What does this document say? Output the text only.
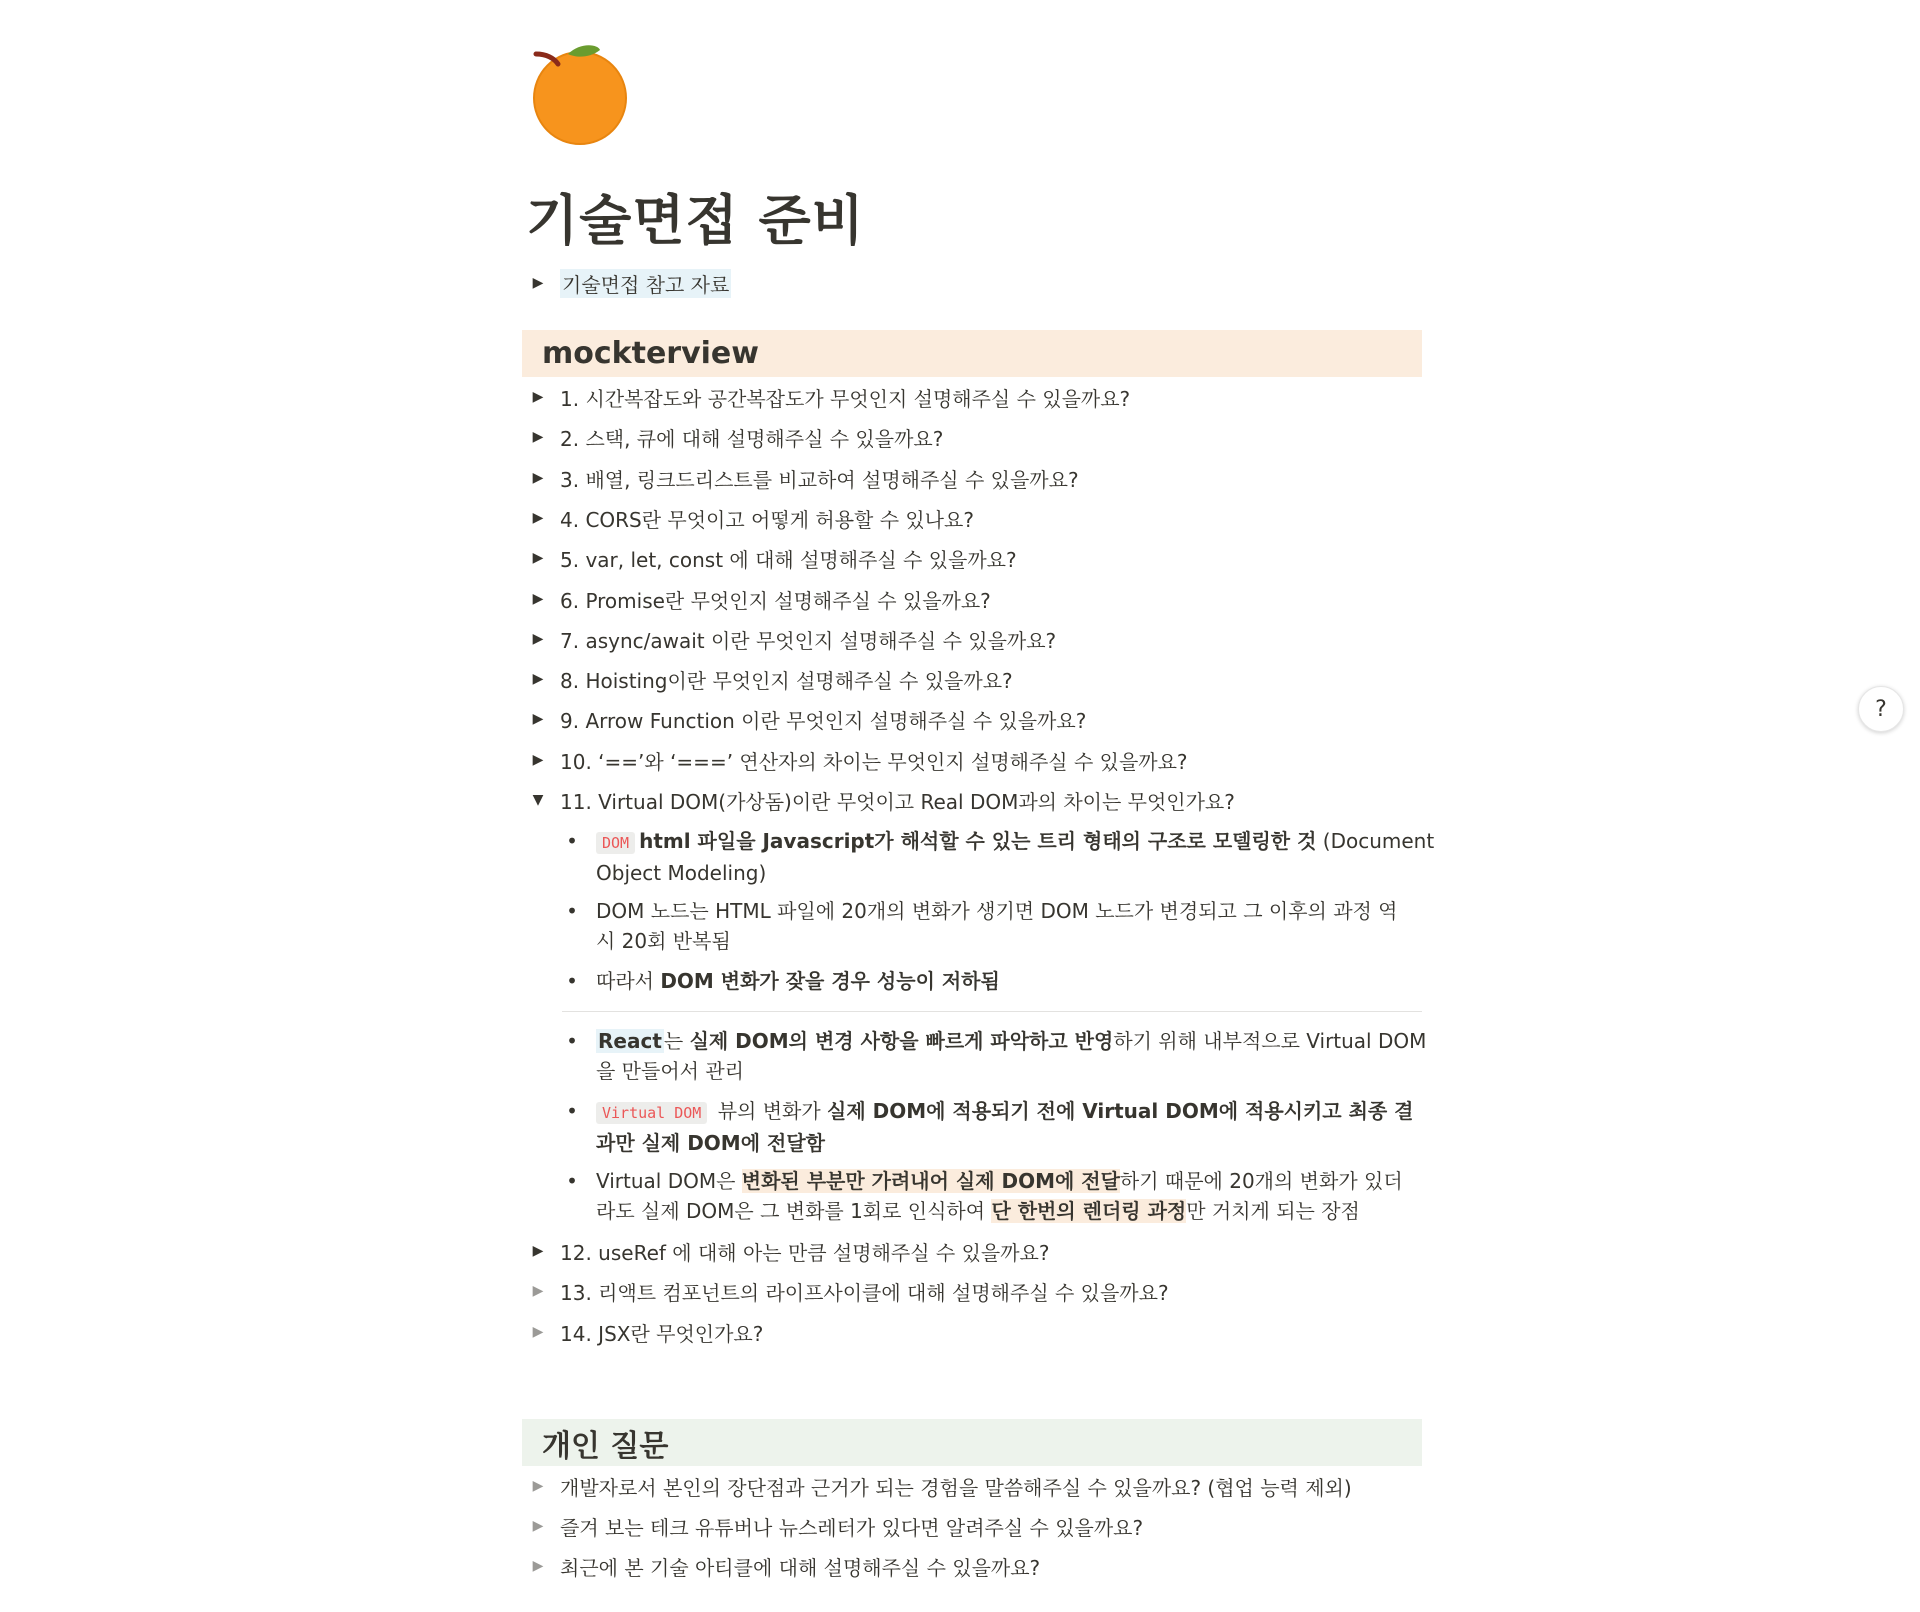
기술면접 준비
▶ 기술면접 참고 자료
mockterview
▶ 1. 시간복잡도와 공간복잡도가 무엇인지 설명해주실 수 있을까요?
▶ 2. 스택, 큐에 대해 설명해주실 수 있을까요?
▶ 3. 배열, 링크드리스트를 비교하여 설명해주실 수 있을까요?
▶ 4. CORS란 무엇이고 어떻게 허용할 수 있나요?
▶ 5. var, let, const 에 대해 설명해주실 수 있을까요?
▶ 6. Promise란 무엇인지 설명해주실 수 있을까요?
▶ 7. async/await 이란 무엇인지 설명해주실 수 있을까요?
▶ 8. Hoisting이란 무엇인지 설명해주실 수 있을까요?
▶ 9. Arrow Function 이란 무엇인지 설명해주실 수 있을까요?
▶ 10. ‘==’와 ‘===’ 연산자의 차이는 무엇인지 설명해주실 수 있을까요?
▼ 11. Virtual DOM(가상돔)이란 무엇이고 Real DOM과의 차이는 무엇인가요?
•	DOM html 파일을 Javascript가 해석할 수 있는 트리 형태의 구조로 모델링한 것 (Document
Object Modeling)
• DOM 노드는 HTML 파일에 20개의 변화가 생기면 DOM 노드가 변경되고 그 이후의 과정 역
시 20회 반복됨
• 따라서 DOM 변화가 잦을 경우 성능이 저하됨
•	React 는 실제 DOM의 변경 사항을 빠르게 파악하고 반영하기 위해 내부적으로 Virtual DOM
을 만들어서 관리
•	Virtual DOM 뷰의 변화가 실제 DOM에 적용되기 전에 Virtual DOM에 적용시키고 최종 결
과만 실제 DOM에 전달함
• Virtual DOM은 변화된 부분만 가려내어 실제 DOM에 전달하기 때문에 20개의 변화가 있더
라도 실제 DOM은 그 변화를 1회로 인식하여 단 한번의 렌더링 과정만 거치게 되는 장점
▶ 12. useRef 에 대해 아는 만큼 설명해주실 수 있을까요?
▶ 13. 리액트 컴포넌트의 라이프사이클에 대해 설명해주실 수 있을까요?
▶ 14. JSX란 무엇인가요?
개인 질문
▶ 개발자로서 본인의 장단점과 근거가 되는 경험을 말씀해주실 수 있을까요? (협업 능력 제외)
▶ 즐겨 보는 테크 유튜버나 뉴스레터가 있다면 알려주실 수 있을까요?
▶ 최근에 본 기술 아티클에 대해 설명해주실 수 있을까요?
?
